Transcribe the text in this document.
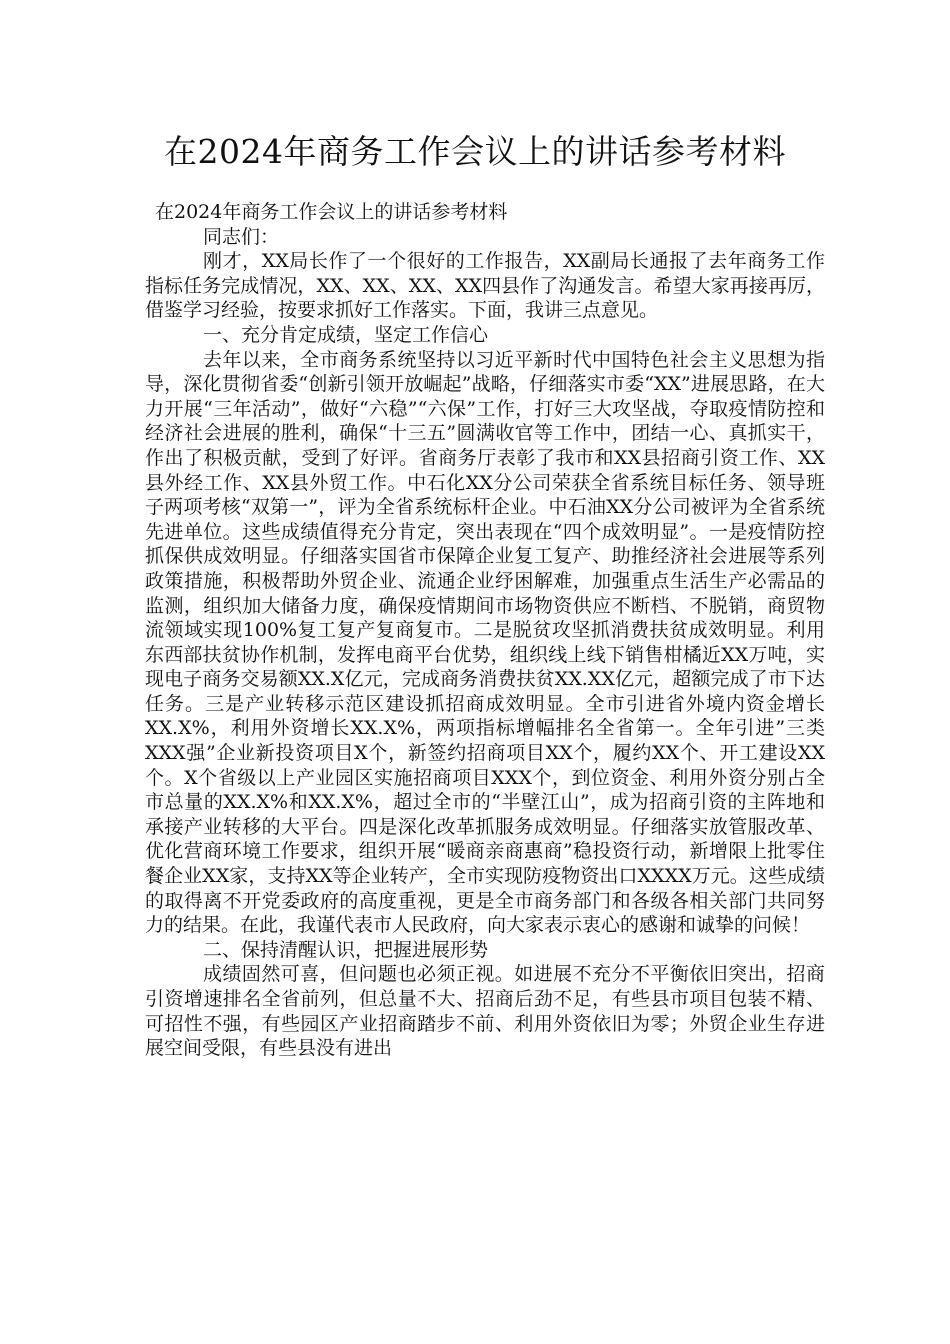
在2024年商务工作会议上的讲话参考材料

在2024年商务工作会议上的讲话参考材料

同志们：

刚才，XX局长作了一个很好的工作报告，XX副局长通报了去年商务工作指标任务完成情况，XX、XX、XX、XX四县作了沟通发言。希望大家再接再厉，借鉴学习经验，按要求抓好工作落实。下面，我讲三点意见。

一、充分肯定成绩，坚定工作信心

去年以来，全市商务系统坚持以习近平新时代中国特色社会主义思想为指导，深化贯彻省委“创新引领开放崛起”战略，仔细落实市委“XX”进展思路，在大力开展“三年活动”，做好“六稳”“六保”工作，打好三大攻坚战，夺取疫情防控和经济社会进展的胜利，确保“十三五”圆满收官等工作中，团结一心、真抓实干，作出了积极贡献，受到了好评。省商务厅表彰了我市和XX县招商引资工作、XX县外经工作、XX县外贸工作。中石化XX分公司荣获全省系统目标任务、领导班子两项考核“双第一”，评为全省系统标杆企业。中石油XX分公司被评为全省系统先进单位。这些成绩值得充分肯定，突出表现在“四个成效明显”。一是疫情防控抓保供成效明显。仔细落实国省市保障企业复工复产、助推经济社会进展等系列政策措施，积极帮助外贸企业、流通企业纾困解难，加强重点生活生产必需品的监测，组织加大储备力度，确保疫情期间市场物资供应不断档、不脱销，商贸物流领域实现100%复工复产复商复市。二是脱贫攻坚抓消费扶贫成效明显。利用东西部扶贫协作机制，发挥电商平台优势，组织线上线下销售柑橘近XX万吨，实现电子商务交易额XX.X亿元，完成商务消费扶贫XX.XX亿元，超额完成了市下达任务。三是产业转移示范区建设抓招商成效明显。全市引进省外境内资金增长XX.X%，利用外资增长XX.X%，两项指标增幅排名全省第一。全年引进”三类XXX强”企业新投资项目X个，新签约招商项目XX个，履约XX个、开工建设XX个。X个省级以上产业园区实施招商项目XXX个，到位资金、利用外资分别占全市总量的XX.X%和XX.X%，超过全市的“半壁江山”，成为招商引资的主阵地和承接产业转移的大平台。四是深化改革抓服务成效明显。仔细落实放管服改革、优化营商环境工作要求，组织开展“暖商亲商惠商”稳投资行动，新增限上批零住餐企业XX家，支持XX等企业转产，全市实现防疫物资出口XXXX万元。这些成绩的取得离不开党委政府的高度重视，更是全市商务部门和各级各相关部门共同努力的结果。在此，我谨代表市人民政府，向大家表示衷心的感谢和诚挚的问候！

二、保持清醒认识，把握进展形势

成绩固然可喜，但问题也必须正视。如进展不充分不平衡依旧突出，招商引资增速排名全省前列，但总量不大、招商后劲不足，有些县市项目包装不精、可招性不强，有些园区产业招商踏步不前、利用外资依旧为零；外贸企业生存进展空间受限，有些县没有进出
